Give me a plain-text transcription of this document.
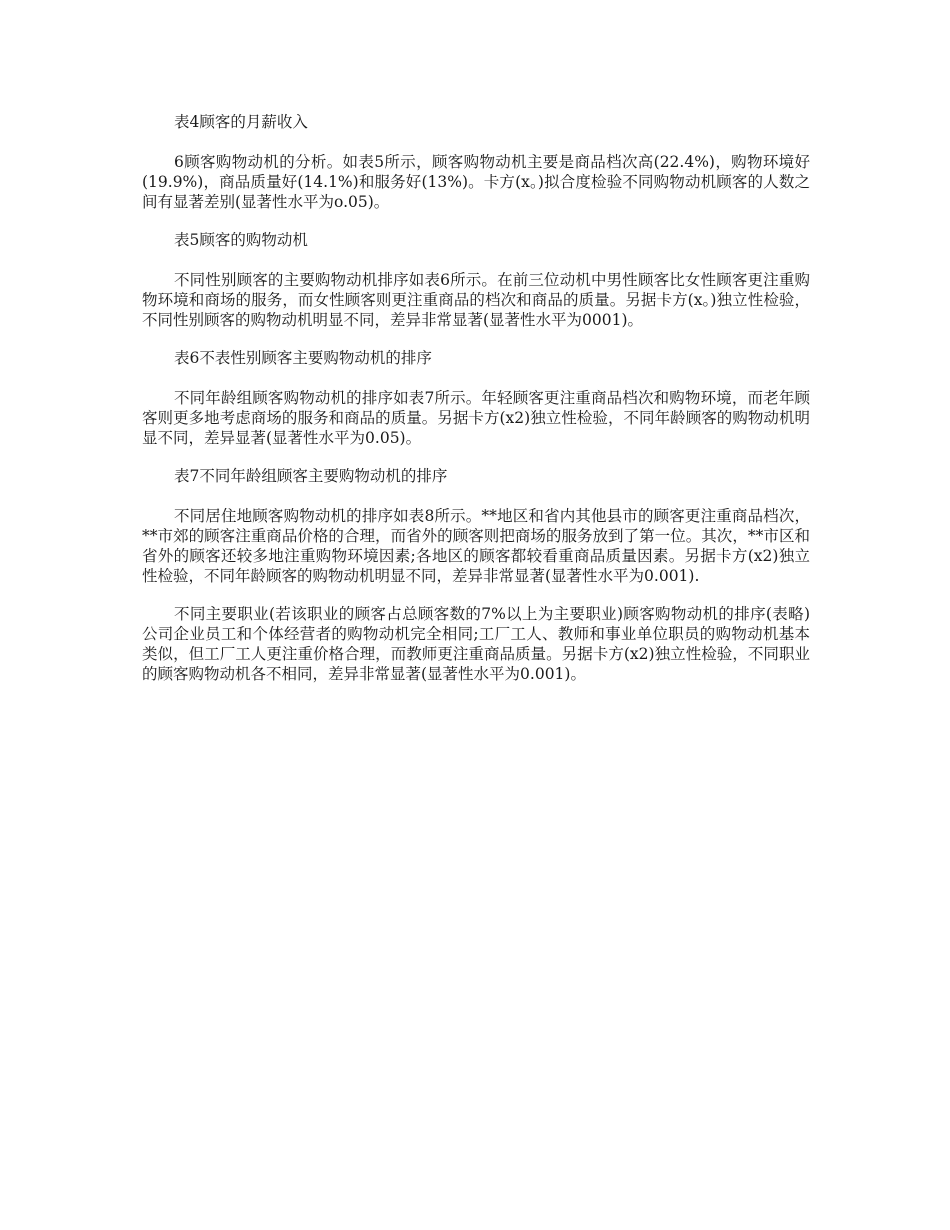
表4顾客的月薪收入

6顾客购物动机的分析。如表5所示，顾客购物动机主要是商品档次高(22.4%)，购物环境好(19.9%)，商品质量好(14.1%)和服务好(13%)。卡方(x。)拟合度检验不同购物动机顾客的人数之间有显著差别(显著性水平为o.05)。

表5顾客的购物动机

不同性别顾客的主要购物动机排序如表6所示。在前三位动机中男性顾客比女性顾客更注重购物环境和商场的服务，而女性顾客则更注重商品的档次和商品的质量。另据卡方(x。)独立性检验，不同性别顾客的购物动机明显不同，差异非常显著(显著性水平为0001)。

表6不表性别顾客主要购物动机的排序

不同年龄组顾客购物动机的排序如表7所示。年轻顾客更注重商品档次和购物环境，而老年顾客则更多地考虑商场的服务和商品的质量。另据卡方(x2)独立性检验，不同年龄顾客的购物动机明显不同，差异显著(显著性水平为0.05)。

表7不同年龄组顾客主要购物动机的排序

不同居住地顾客购物动机的排序如表8所示。**地区和省内其他县市的顾客更注重商品档次，**市郊的顾客注重商品价格的合理，而省外的顾客则把商场的服务放到了第一位。其次，**市区和省外的顾客还较多地注重购物环境因素;各地区的顾客都较看重商品质量因素。另据卡方(x2)独立性检验，不同年龄顾客的购物动机明显不同，差异非常显著(显著性水平为0.001).

不同主要职业(若该职业的顾客占总顾客数的7%以上为主要职业)顾客购物动机的排序(表略)公司企业员工和个体经营者的购物动机完全相同;工厂工人、教师和事业单位职员的购物动机基本类似，但工厂工人更注重价格合理，而教师更注重商品质量。另据卡方(x2)独立性检验，不同职业的顾客购物动机各不相同，差异非常显著(显著性水平为0.001)。
